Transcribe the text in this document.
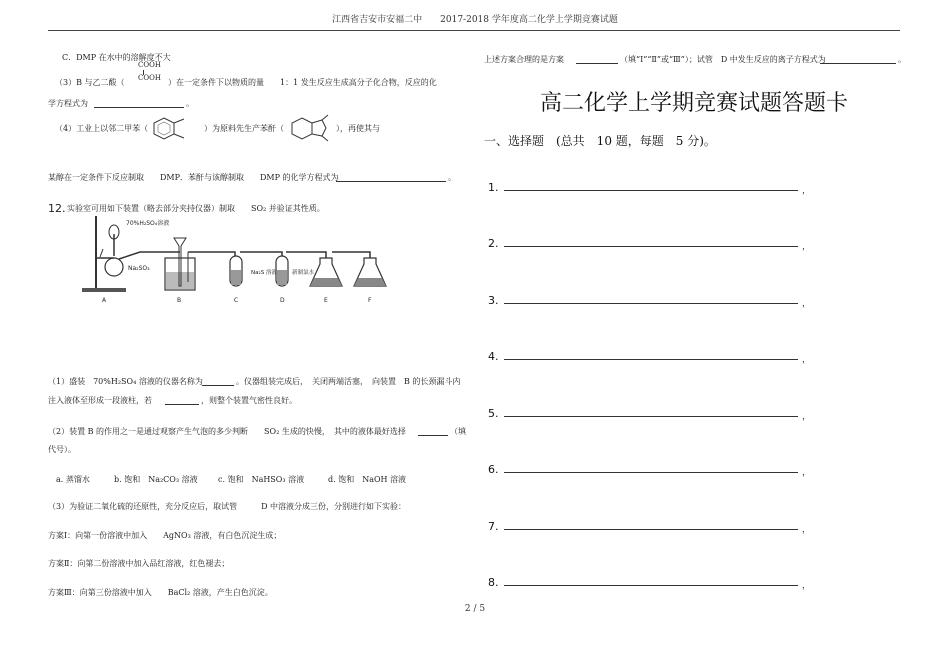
江西省吉安市安福二中　　2017-2018 学年度高二化学上学期竞赛试题
C．DMP 在水中的溶解度不大
COOH
COOH
（3）B 与乙二酸（	）在一定条件下以物质的量　　1：1 发生反应生成高分子化合物，反应的化
学方程式为	。
（4）工业上以邻二甲苯（	）为原料先生产苯酐（	），再使其与
某醇在一定条件下反应制取　　DMP．苯酐与该醇制取　　DMP 的化学方程式为	。
12. 实验室可用如下装置（略去部分夹持仪器）制取　　SO₂ 并验证其性质。
70%H₂SO₄溶液
Na₂SO₃
Na₂S 溶液	新制氯水
A	B	C	D	E	F
（1）盛装　70%H₂SO₄ 溶液的仪器名称为	。仪器组装完成后，　关闭两端活塞，　向装置　B 的长颈漏斗内
注入液体至形成一段液柱，若	，则整个装置气密性良好。
（2）装置 B 的作用之一是通过观察产生气泡的多少判断　　SO₂ 生成的快慢，　其中的液体最好选择	（填
代号）。
a. 蒸馏水	b. 饱和　Na₂CO₃ 溶液	c. 饱和　NaHSO₃ 溶液	d. 饱和　NaOH 溶液
（3）为验证二氧化硫的还原性，充分反应后，取试管　　　D 中溶液分成三份，分别进行如下实验：
方案Ⅰ：向第一份溶液中加入　　AgNO₃ 溶液，有白色沉淀生成；
方案Ⅱ：向第二份溶液中加入品红溶液，红色褪去；
方案Ⅲ：向第三份溶液中加入　　BaCl₂ 溶液，产生白色沉淀。
上述方案合理的是方案	（填“Ⅰ”“Ⅱ”或“Ⅲ”）；试管　D 中发生反应的离子方程式为	。
高二化学上学期竞赛试题答题卡
一、选择题　(总共　10 题，每题　5 分)。
1.	，
2.	，
3.	，
4.	，
5.	，
6.	，
7.	，
8.	，
2 / 5
